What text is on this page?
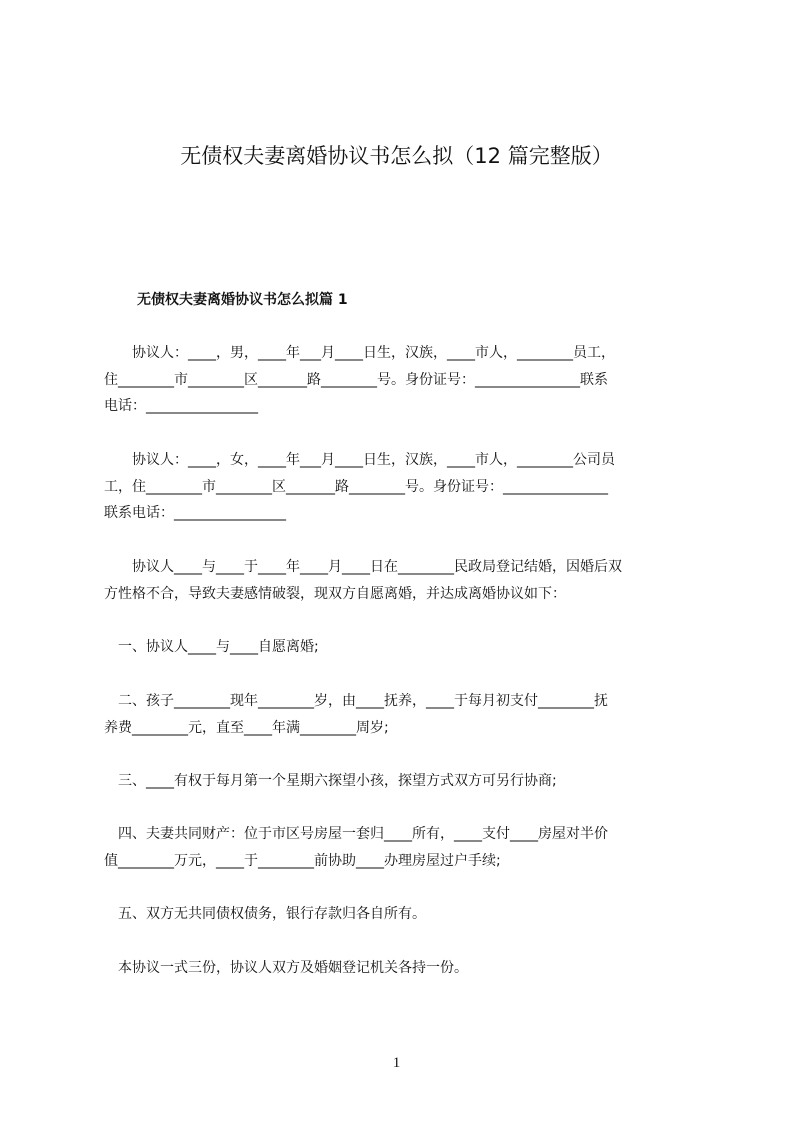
无债权夫妻离婚协议书怎么拟（12 篇完整版）
无债权夫妻离婚协议书怎么拟篇 1
　　协议人：____，男，____年___月____日生，汉族，____市人，________员工，
住________市________区_______路________号。身份证号：_______________联系
电话：________________
　　协议人：____，女，____年___月____日生，汉族，____市人，________公司员
工，住________市________区_______路________号。身份证号：_______________
联系电话：________________
　　协议人____与____于____年____月____日在________民政局登记结婚，因婚后双
方性格不合，导致夫妻感情破裂，现双方自愿离婚，并达成离婚协议如下：
　一、协议人____与____自愿离婚;
　二、孩子________现年________岁，由____抚养，____于每月初支付________抚
养费________元，直至____年满________周岁;
　三、____有权于每月第一个星期六探望小孩，探望方式双方可另行协商;
　四、夫妻共同财产：位于市区号房屋一套归____所有，____支付____房屋对半价
值________万元，____于________前协助____办理房屋过户手续;
　五、双方无共同债权债务，银行存款归各自所有。
　本协议一式三份，协议人双方及婚姻登记机关各持一份。
1
